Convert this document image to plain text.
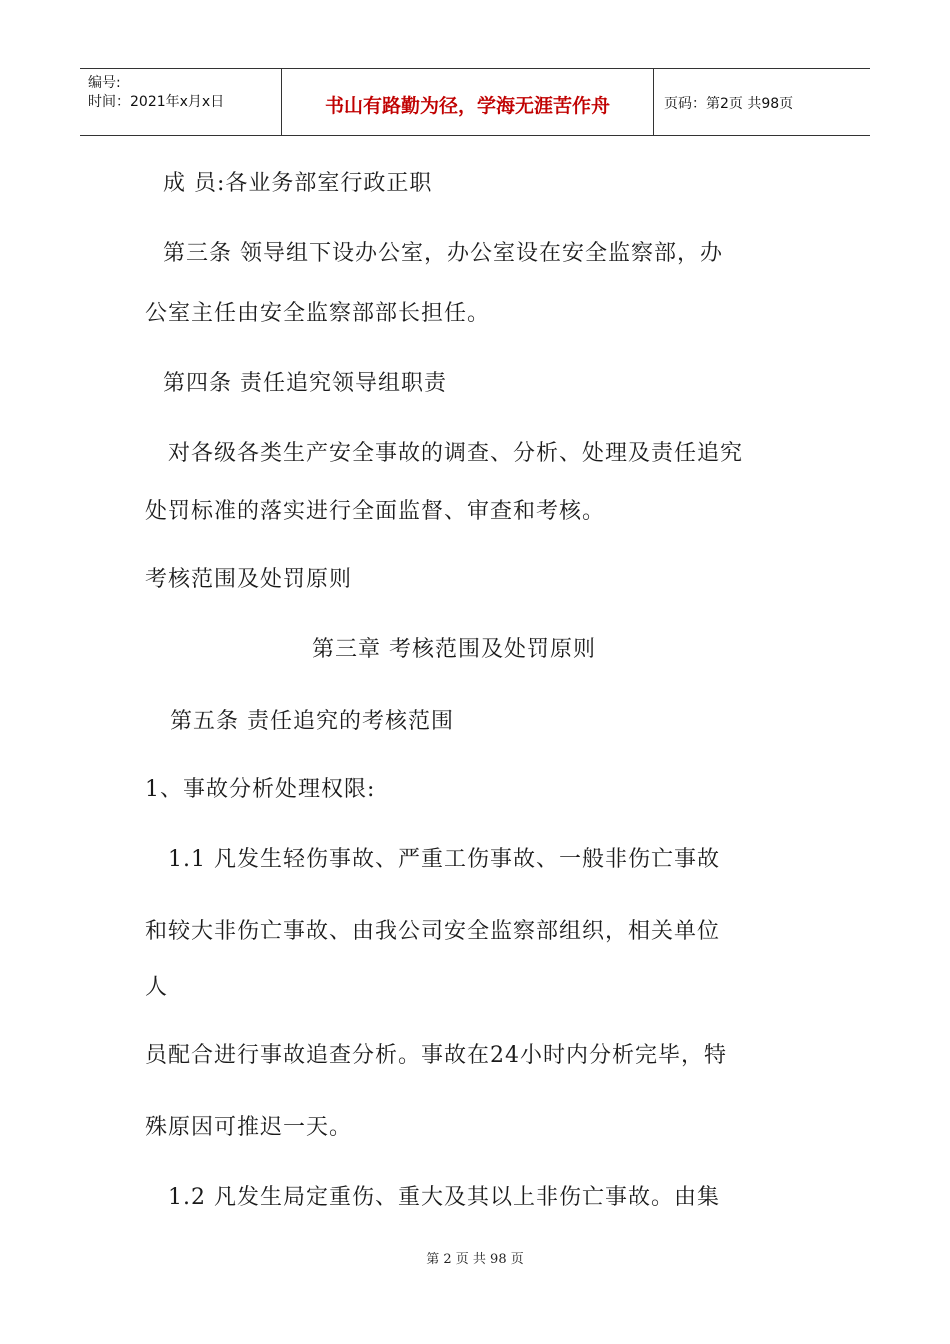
编号:
时间：2021年x月x日	书山有路勤为径，学海无涯苦作舟	页码：第2页 共98页
成 员:各业务部室行政正职
第三条 领导组下设办公室，办公室设在安全监察部，办
公室主任由安全监察部部长担任。
第四条 责任追究领导组职责
对各级各类生产安全事故的调查、分析、处理及责任追究
处罚标准的落实进行全面监督、审查和考核。
考核范围及处罚原则
第三章 考核范围及处罚原则
第五条 责任追究的考核范围
1、事故分析处理权限:
1.1 凡发生轻伤事故、严重工伤事故、一般非伤亡事故
和较大非伤亡事故、由我公司安全监察部组织，相关单位
人
员配合进行事故追查分析。事故在24小时内分析完毕，特
殊原因可推迟一天。
1.2 凡发生局定重伤、重大及其以上非伤亡事故。由集
第 2 页 共 98 页
